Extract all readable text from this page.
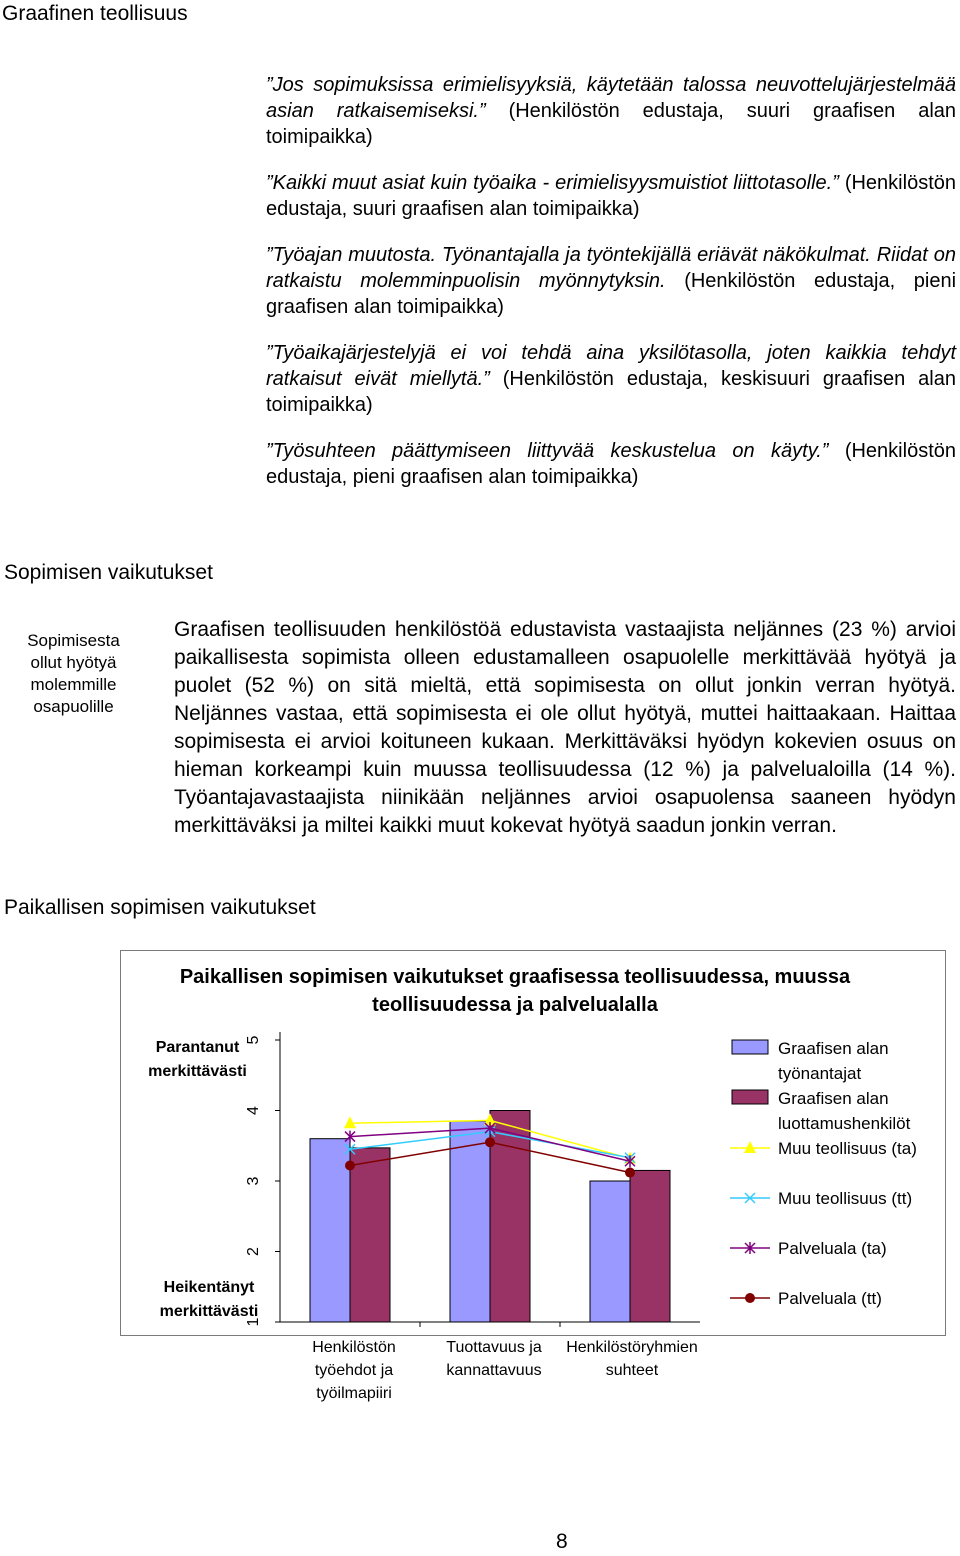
Graafinen teollisuus

”Jos sopimuksissa erimielisyyksiä, käytetään talossa neuvottelujärjestelmää asian ratkaisemiseksi.” (Henkilöstön edustaja, suuri graafisen alan toimipaikka)

”Kaikki muut asiat kuin työaika - erimielisyysmuistiot liittotasolle.” (Henkilöstön edustaja, suuri graafisen alan toimipaikka)

”Työajan muutosta. Työnantajalla ja työntekijällä eriävät näkökulmat. Riidat on ratkaistu molemminpuolisin myönnytyksin. (Henkilöstön edustaja, pieni graafisen alan toimipaikka)

”Työaikajärjestelyjä ei voi tehdä aina yksilötasolla, joten kaikkia tehdyt ratkaisut eivät miellytä.” (Henkilöstön edustaja, keskisuuri graafisen alan toimipaikka)

”Työsuhteen päättymiseen liittyvää keskustelua on käyty.” (Henkilöstön edustaja, pieni graafisen alan toimipaikka)

Sopimisen vaikutukset
Sopimisesta ollut hyötyä molemmille osapuolille
Graafisen teollisuuden henkilöstöä edustavista vastaajista neljännes (23 %) arvioi paikallisesta sopimista olleen edustamalleen osapuolelle merkittävää hyötyä ja puolet (52 %) on sitä mieltä, että sopimisesta on ollut jonkin verran hyötyä. Neljännes vastaa, että sopimisesta ei ole ollut hyötyä, muttei haittaakaan. Haittaa sopimisesta ei arvioi koituneen kukaan. Merkittäväksi hyödyn kokevien osuus on hieman korkeampi kuin muussa teollisuudessa (12 %) ja palvelualoilla (14 %). Työantajavastaajista niinikään neljännes arvioi osapuolensa saaneen hyödyn merkittäväksi ja miltei kaikki muut kokevat hyötyä saadun jonkin verran.
Paikallisen sopimisen vaikutukset
Paikallisen sopimisen vaikutukset graafisessa teollisuudessa, muussa teollisuudessa ja palvelualalla
Parantanut merkittävästi
Heikentänyt merkittävästi
1
2
3
4
5
Henkilöstön työehdot ja työilmapiiri
Tuottavuus ja kannattavuus
Henkilöstöryhmien suhteet
Graafisen alan työnantajat
Graafisen alan luottamushenkilöt
Muu teollisuus (ta)
Muu teollisuus (tt)
Palveluala (ta)
Palveluala (tt)
8
